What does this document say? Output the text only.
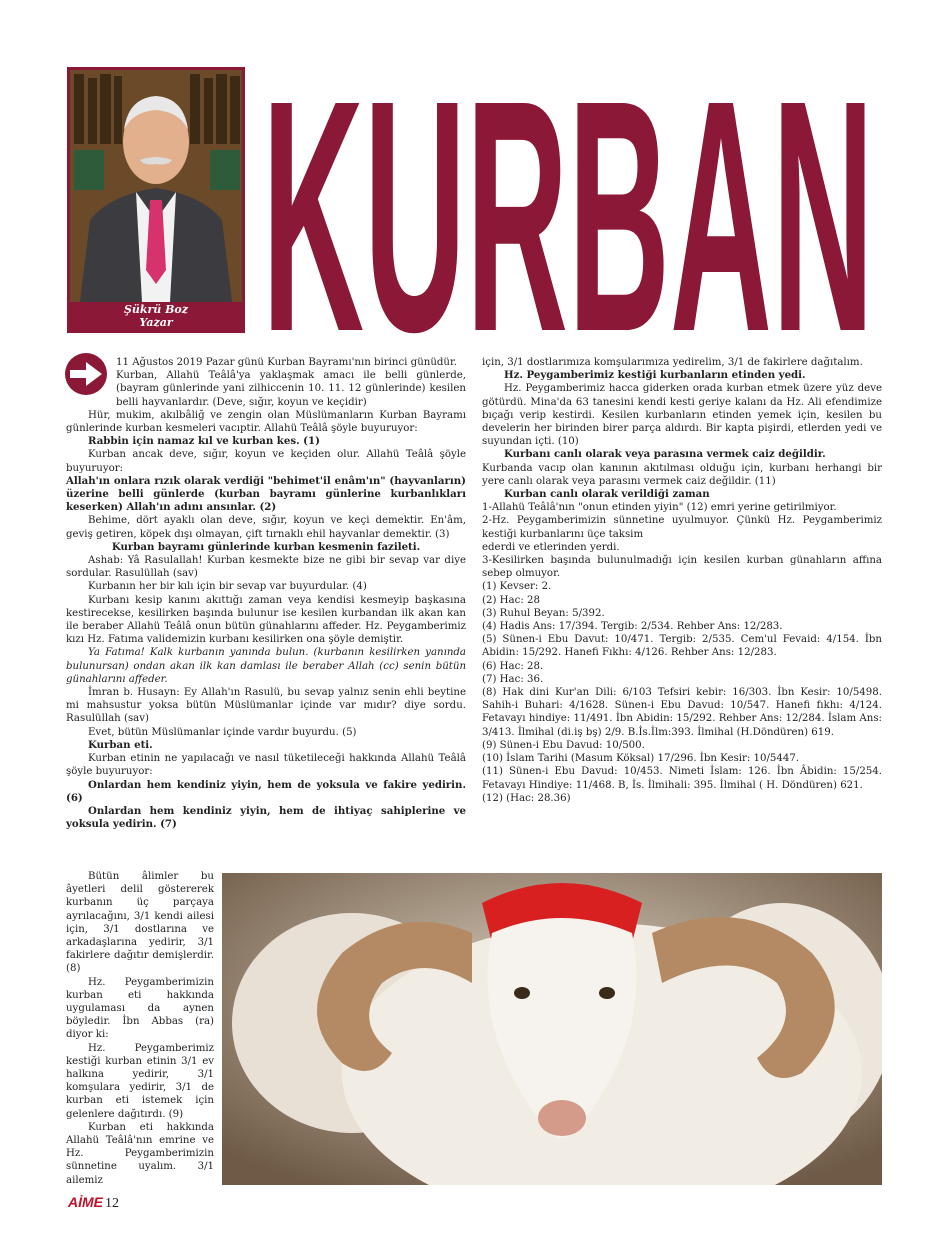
Şükrü Boz
Yazar KURBAN

11 Ağustos 2019 Pazar günü Kurban Bayramı'nın birinci günüdür.

Kurban, Allahü Teâlâ'ya yaklaşmak amacı ile belli günlerde, (bayram günlerinde yani zilhiccenin 10. 11. 12 günlerinde) kesilen belli hayvanlardır. (Deve, sığır, koyun ve keçidir)

Hür, mukim, akılbâliğ ve zengin olan Müslümanların Kurban Bayramı günlerinde kurban kesmeleri vacıptir. Allahü Teâlâ şöyle buyuruyor:

Rabbin için namaz kıl ve kurban kes. (1)

Kurban ancak deve, sığır, koyun ve keçiden olur. Allahü Teâlâ şöyle buyuruyor:

Allah'ın onlara rızık olarak verdiği "behimet'il enâm'ın" (hayvanların) üzerine belli günlerde (kurban bayramı günlerine kurbanlıkları keserken) Allah'ın adını ansınlar. (2)

Behime, dört ayaklı olan deve, sığır, koyun ve keçi demektir. En'âm, geviş getiren, köpek dışı olmayan, çift tırnaklı ehil hayvanlar demektir. (3)

Kurban bayramı günlerinde kurban kesmenin fazileti.

Ashab: Yâ Rasulallah! Kurban kesmekte bize ne gibi bir sevap var diye sordular. Rasulüllah (sav)

Kurbanın her bir kılı için bir sevap var buyurdular. (4)

Kurbanı kesip kanını akıttığı zaman veya kendisi kesmeyip başkasına kestirecekse, kesilirken başında bulunur ise kesilen kurbandan ilk akan kan ile beraber Allahü Teâlâ onun bütün günahlarını affeder. Hz. Peygamberimiz kızı Hz. Fatıma validemizin kurbanı kesilirken ona şöyle demiştir.

Ya Fatıma! Kalk kurbanın yanında bulun. (kurbanın kesilirken yanında bulunursan) ondan akan ilk kan damlası ile beraber Allah (cc) senin bütün günahlarını affeder.

İmran b. Husayn: Ey Allah'ın Rasulü, bu sevap yalnız senin ehli beytine mi mahsustur yoksa bütün Müslümanlar içinde var mıdır? diye sordu. Rasulüllah (sav)

Evet, bütün Müslümanlar içinde vardır buyurdu. (5)

Kurban eti.

Kurban etinin ne yapılacağı ve nasıl tüketileceği hakkında Allahü Teâlâ şöyle buyuruyor:

Onlardan hem kendiniz yiyin, hem de yoksula ve fakire yedirin. (6)

Onlardan hem kendiniz yiyin, hem de ihtiyaç sahiplerine ve yoksula yedirin. (7)

Bütün âlimler bu âyetleri delil göstererek kurbanın üç parçaya ayrılacağını, 3/1 kendi ailesi için, 3/1 dostlarına ve arkadaşlarına yedirir, 3/1 fakirlere dağıtır demişlerdir. (8)

Hz. Peygamberimizin kurban eti hakkında uygulaması da aynen böyledir. İbn Abbas (ra) diyor ki:

Hz. Peygamberimiz kestiği kurban etinin 3/1 ev halkına yedirir, 3/1 komşulara yedirir, 3/1 de kurban eti istemek için gelenlere dağıtırdı. (9)

Kurban eti hakkında Allahü Teâlâ'nın emrine ve Hz. Peygamberimizin sünnetine uyalım. 3/1 ailemiz

için, 3/1 dostlarımıza komşularımıza yedirelim, 3/1 de fakirlere dağıtalım.

Hz. Peygamberimiz kestiği kurbanların etinden yedi.

Hz. Peygamberimiz hacca giderken orada kurban etmek üzere yüz deve götürdü. Mina'da 63 tanesini kendi kesti geriye kalanı da Hz. Ali efendimize bıçağı verip kestirdi. Kesilen kurbanların etinden yemek için, kesilen bu develerin her birinden birer parça aldırdı. Bir kapta pişirdi, etlerden yedi ve suyundan içti. (10)

Kurbanı canlı olarak veya parasına vermek caiz değildir.

Kurbanda vacıp olan kanının akıtılması olduğu için, kurbanı herhangi bir yere canlı olarak veya parasını vermek caiz değildir. (11)

Kurban canlı olarak verildiği zaman

1-Allahü Teâlâ'nın "onun etinden yiyin" (12) emri yerine getirilmiyor.

2-Hz. Peygamberimizin sünnetine uyulmuyor. Çünkü Hz. Peygamberimiz kestiği kurbanlarını üçe taksim

ederdi ve etlerinden yerdi.

3-Kesilirken başında bulunulmadığı için kesilen kurban günahların affına sebep olmuyor.

(1) Kevser: 2.

(2) Hac: 28

(3) Ruhul Beyan: 5/392.

(4) Hadis Ans: 17/394. Tergib: 2/534. Rehber Ans: 12/283.

(5) Sünen-i Ebu Davut: 10/471. Tergib: 2/535. Cem'ul Fevaid: 4/154. İbn Abidin: 15/292. Hanefi Fıkhı: 4/126. Rehber Ans: 12/283.

(6) Hac: 28.

(7) Hac: 36.

(8) Hak dini Kur'an Dili: 6/103 Tefsiri kebir: 16/303. İbn Kesir: 10/5498. Sahih-i Buhari: 4/1628. Sünen-i Ebu Davud: 10/547. Hanefi fıkhı: 4/124. Fetavayı hindiye: 11/491. İbn Abidin: 15/292. Rehber Ans: 12/284. İslam Ans: 3/413. İlmihal (di.iş bş) 2/9. B.İs.İlm:393. İlmihal (H.Döndüren) 619.

(9) Sünen-i Ebu Davud: 10/500.

(10) İslam Tarihi (Masum Köksal) 17/296. İbn Kesir: 10/5447.

(11) Sünen-i Ebu Davud: 10/453. Nimeti İslam: 126. İbn Âbidin: 15/254. Fetavayı Hindiye: 11/468. B, İs. İlmihali: 395. İlmihal ( H. Döndüren) 621.

(12) (Hac: 28.36)

AİME 12
